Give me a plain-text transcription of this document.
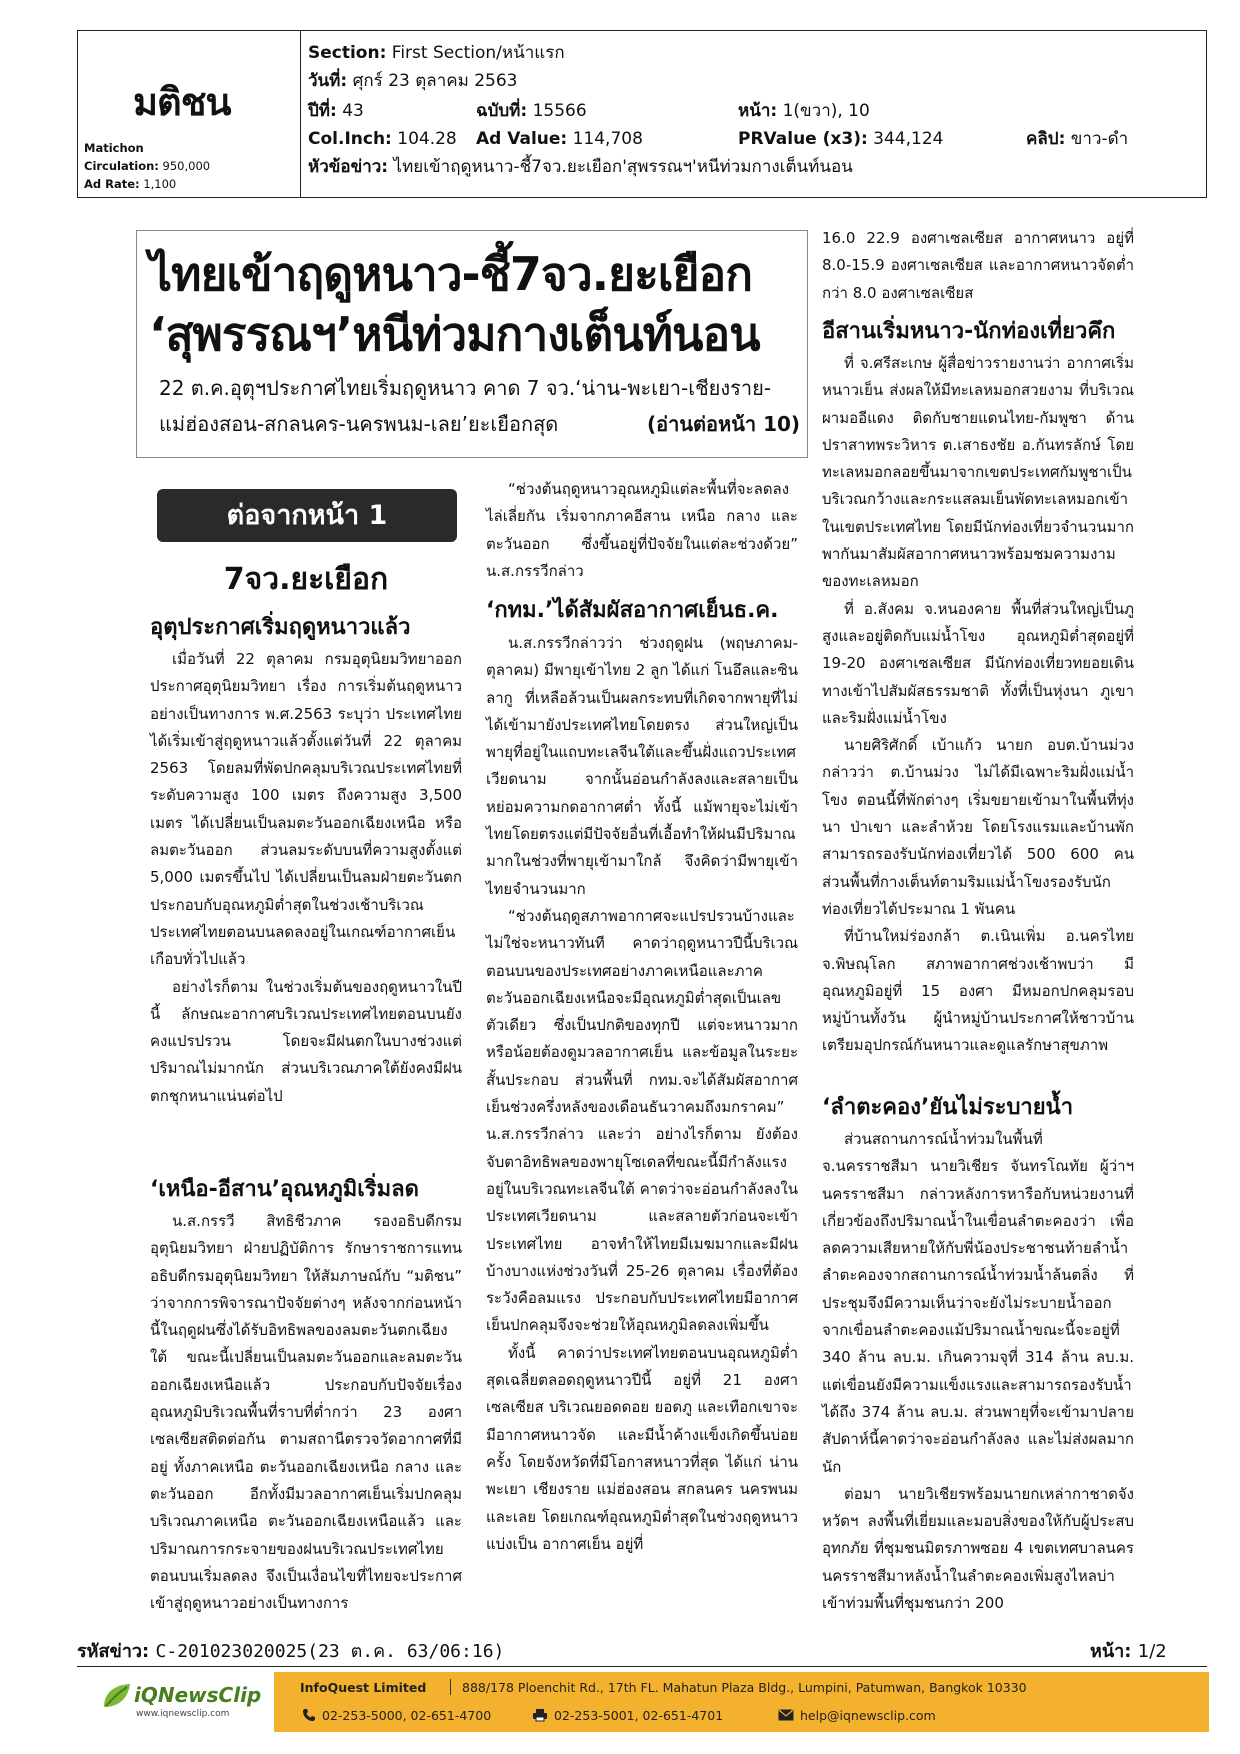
มติชน
Matichon
Circulation: 950,000
Ad Rate: 1,100
Section: First Section/หน้าแรก
วันที่: ศุกร์ 23 ตุลาคม 2563
ปีที่: 43	ฉบับที่: 15566	หน้า: 1(ขวา), 10
Col.Inch: 104.28 Ad Value: 114,708	PRValue (x3): 344,124	คลิป: ขาว-ดำ
หัวข้อข่าว: ไทยเข้าฤดูหนาว-ชี้7จว.ยะเยือก'สุพรรณฯ'หนีท่วมกางเต็นท์นอน
ไทยเข้าฤดูหนาว-ชี้7จว.ยะเยือก
‘สุพรรณฯ’หนีท่วมกางเต็นท์นอน
22 ต.ค.อุตุฯประกาศไทยเริ่มฤดูหนาว คาด 7 จว.‘น่าน-พะเยา-เชียงราย-
แม่ฮ่องสอน-สกลนคร-นครพนม-เลย’ยะเยือกสุด	(อ่านต่อหน้า 10)
ต่อจากหน้า 1
7จว.ยะเยือก
อุตุประกาศเริ่มฤดูหนาวแล้ว

เมื่อวันที่ 22 ตุลาคม กรมอุตุนิยมวิทยาออกประกาศอุตุนิยมวิทยา เรื่อง การเริ่มต้นฤดูหนาวอย่างเป็นทางการ พ.ศ.2563 ระบุว่า ประเทศไทยได้เริ่มเข้าสู่ฤดูหนาวแล้วตั้งแต่วันที่ 22 ตุลาคม 2563 โดยลมที่พัดปกคลุมบริเวณประเทศไทยที่ระดับความสูง 100 เมตร ถึงความสูง 3,500 เมตร ได้เปลี่ยนเป็นลมตะวันออกเฉียงเหนือ หรือลมตะวันออก ส่วนลมระดับบนที่ความสูงตั้งแต่ 5,000 เมตรขึ้นไป ได้เปลี่ยนเป็นลมฝ่ายตะวันตก ประกอบกับอุณหภูมิต่ำสุดในช่วงเช้าบริเวณประเทศไทยตอนบนลดลงอยู่ในเกณฑ์อากาศเย็นเกือบทั่วไปแล้ว

อย่างไรก็ตาม ในช่วงเริ่มต้นของฤดูหนาวในปีนี้ ลักษณะอากาศบริเวณประเทศไทยตอนบนยังคงแปรปรวน โดยจะมีฝนตกในบางช่วงแต่ปริมาณไม่มากนัก ส่วนบริเวณภาคใต้ยังคงมีฝนตกชุกหนาแน่นต่อไป

‘เหนือ-อีสาน’อุณหภูมิเริ่มลด

น.ส.กรรวี สิทธิชีวภาค รองอธิบดีกรมอุตุนิยมวิทยา ฝ่ายปฏิบัติการ รักษาราชการแทนอธิบดีกรมอุตุนิยมวิทยา ให้สัมภาษณ์กับ “มติชน” ว่าจากการพิจารณาปัจจัยต่างๆ หลังจากก่อนหน้านี้ในฤดูฝนซึ่งได้รับอิทธิพลของลมตะวันตกเฉียงใต้ ขณะนี้เปลี่ยนเป็นลมตะวันออกและลมตะวันออกเฉียงเหนือแล้ว ประกอบกับปัจจัยเรื่องอุณหภูมิบริเวณพื้นที่ราบที่ต่ำกว่า 23 องศาเซลเซียสติดต่อกัน ตามสถานีตรวจวัดอากาศที่มีอยู่ ทั้งภาคเหนือ ตะวันออกเฉียงเหนือ กลาง และตะวันออก อีกทั้งมีมวลอากาศเย็นเริ่มปกคลุมบริเวณภาคเหนือ ตะวันออกเฉียงเหนือแล้ว และปริมาณการกระจายของฝนบริเวณประเทศไทยตอนบนเริ่มลดลง จึงเป็นเงื่อนไขที่ไทยจะประกาศเข้าสู่ฤดูหนาวอย่างเป็นทางการ

“ช่วงต้นฤดูหนาวอุณหภูมิแต่ละพื้นที่จะลดลงไล่เลี่ยกัน เริ่มจากภาคอีสาน เหนือ กลาง และตะวันออก ซึ่งขึ้นอยู่ที่ปัจจัยในแต่ละช่วงด้วย” น.ส.กรรวีกล่าว

‘กทม.’ได้สัมผัสอากาศเย็นธ.ค.

น.ส.กรรวีกล่าวว่า ช่วงฤดูฝน (พฤษภาคม-ตุลาคม) มีพายุเข้าไทย 2 ลูก ได้แก่ โนอึลและซินลากู ที่เหลือล้วนเป็นผลกระทบที่เกิดจากพายุที่ไม่ได้เข้ามายังประเทศไทยโดยตรง ส่วนใหญ่เป็นพายุที่อยู่ในแถบทะเลจีนใต้และขึ้นฝั่งแถวประเทศเวียดนาม จากนั้นอ่อนกำลังลงและสลายเป็นหย่อมความกดอากาศต่ำ ทั้งนี้ แม้พายุจะไม่เข้าไทยโดยตรงแต่มีปัจจัยอื่นที่เอื้อทำให้ฝนมีปริมาณมากในช่วงที่พายุเข้ามาใกล้ จึงคิดว่ามีพายุเข้าไทยจำนวนมาก

“ช่วงต้นฤดูสภาพอากาศจะแปรปรวนบ้างและไม่ใช่จะหนาวทันที คาดว่าฤดูหนาวปีนี้บริเวณตอนบนของประเทศอย่างภาคเหนือและภาคตะวันออกเฉียงเหนือจะมีอุณหภูมิต่ำสุดเป็นเลขตัวเดียว ซึ่งเป็นปกติของทุกปี แต่จะหนาวมากหรือน้อยต้องดูมวลอากาศเย็น และข้อมูลในระยะสั้นประกอบ ส่วนพื้นที่ กทม.จะได้สัมผัสอากาศเย็นช่วงครึ่งหลังของเดือนธันวาคมถึงมกราคม” น.ส.กรรวีกล่าว และว่า อย่างไรก็ตาม ยังต้องจับตาอิทธิพลของพายุโซเดลที่ขณะนี้มีกำลังแรงอยู่ในบริเวณทะเลจีนใต้ คาดว่าจะอ่อนกำลังลงในประเทศเวียดนาม และสลายตัวก่อนจะเข้าประเทศไทย อาจทำให้ไทยมีเมฆมากและมีฝนบ้างบางแห่งช่วงวันที่ 25-26 ตุลาคม เรื่องที่ต้องระวังคือลมแรง ประกอบกับประเทศไทยมีอากาศเย็นปกคลุมจึงจะช่วยให้อุณหภูมิลดลงเพิ่มขึ้น

ทั้งนี้ คาดว่าประเทศไทยตอนบนอุณหภูมิต่ำสุดเฉลี่ยตลอดฤดูหนาวปีนี้ อยู่ที่ 21 องศาเซลเซียส บริเวณยอดดอย ยอดภู และเทือกเขาจะมีอากาศหนาวจัด และมีน้ำค้างแข็งเกิดขึ้นบ่อยครั้ง โดยจังหวัดที่มีโอกาสหนาวที่สุด ได้แก่ น่าน พะเยา เชียงราย แม่ฮ่องสอน สกลนคร นครพนม และเลย โดยเกณฑ์อุณหภูมิต่ำสุดในช่วงฤดูหนาว แบ่งเป็น อากาศเย็น อยู่ที่

16.0 22.9 องศาเซลเซียส อากาศหนาว อยู่ที่ 8.0-15.9 องศาเซลเซียส และอากาศหนาวจัดต่ำกว่า 8.0 องศาเซลเซียส

อีสานเริ่มหนาว-นักท่องเที่ยวคึก

ที่ จ.ศรีสะเกษ ผู้สื่อข่าวรายงานว่า อากาศเริ่มหนาวเย็น ส่งผลให้มีทะเลหมอกสวยงาม ที่บริเวณผามออีแดง ติดกับชายแดนไทย-กัมพูชา ด้านปราสาทพระวิหาร ต.เสาธงชัย อ.กันทรลักษ์ โดยทะเลหมอกลอยขึ้นมาจากเขตประเทศกัมพูชาเป็นบริเวณกว้างและกระแสลมเย็นพัดทะเลหมอกเข้าในเขตประเทศไทย โดยมีนักท่องเที่ยวจำนวนมากพากันมาสัมผัสอากาศหนาวพร้อมชมความงามของทะเลหมอก

ที่ อ.สังคม จ.หนองคาย พื้นที่ส่วนใหญ่เป็นภูสูงและอยู่ติดกับแม่น้ำโขง อุณหภูมิต่ำสุดอยู่ที่ 19-20 องศาเซลเซียส มีนักท่องเที่ยวทยอยเดินทางเข้าไปสัมผัสธรรมชาติ ทั้งที่เป็นหุ่งนา ภูเขา และริมฝั่งแม่น้ำโขง

นายศิริศักดิ์ เบ้าแก้ว นายก อบต.บ้านม่วง กล่าวว่า ต.บ้านม่วง ไม่ได้มีเฉพาะริมฝั่งแม่น้ำโขง ตอนนี้ที่พักต่างๆ เริ่มขยายเข้ามาในพื้นที่ทุ่งนา ป่าเขา และลำห้วย โดยโรงแรมและบ้านพักสามารถรองรับนักท่องเที่ยวได้ 500 600 คน ส่วนพื้นที่กางเต็นท์ตามริมแม่น้ำโขงรองรับนักท่องเที่ยวได้ประมาณ 1 พันคน

ที่บ้านใหม่ร่องกล้า ต.เนินเพิ่ม อ.นครไทย จ.พิษณุโลก สภาพอากาศช่วงเช้าพบว่า มีอุณหภูมิอยู่ที่ 15 องศา มีหมอกปกคลุมรอบหมู่บ้านทั้งวัน ผู้นำหมู่บ้านประกาศให้ชาวบ้านเตรียมอุปกรณ์กันหนาวและดูแลรักษาสุขภาพ

‘ลำตะคอง’ยันไม่ระบายน้ำ

ส่วนสถานการณ์น้ำท่วมในพื้นที่ จ.นครราชสีมา นายวิเชียร จันทรโณทัย ผู้ว่าฯนครราชสีมา กล่าวหลังการหารือกับหน่วยงานที่เกี่ยวข้องถึงปริมาณน้ำในเขื่อนลำตะคองว่า เพื่อลดความเสียหายให้กับพี่น้องประชาชนท้ายลำน้ำลำตะคองจากสถานการณ์น้ำท่วมน้ำล้นตลิ่ง ที่ประชุมจึงมีความเห็นว่าจะยังไม่ระบายน้ำออกจากเขื่อนลำตะคองแม้ปริมาณน้ำขณะนี้จะอยู่ที่ 340 ล้าน ลบ.ม. เกินความจุที่ 314 ล้าน ลบ.ม. แต่เขื่อนยังมีความแข็งแรงและสามารถรองรับน้ำได้ถึง 374 ล้าน ลบ.ม. ส่วนพายุที่จะเข้ามาปลายสัปดาห์นี้คาดว่าจะอ่อนกำลังลง และไม่ส่งผลมากนัก

ต่อมา นายวิเชียรพร้อมนายกเหล่ากาชาดจังหวัดฯ ลงพื้นที่เยี่ยมและมอบสิ่งของให้กับผู้ประสบอุทกภัย ที่ชุมชนมิตรภาพซอย 4 เขตเทศบาลนครนครราชสีมาหลังน้ำในลำตะคองเพิ่มสูงไหลบ่าเข้าท่วมพื้นที่ชุมชนกว่า 200

รหัสข่าว: C-201023020025(23 ต.ค. 63/06:16)	หน้า: 1/2
iQNewsClip
www.iqnewsclip.com
InfoQuest Limited	888/178 Ploenchit Rd., 17th FL. Mahatun Plaza Bldg., Lumpini, Patumwan, Bangkok 10330
02-253-5000, 02-651-4700	02-253-5001, 02-651-4701	help@iqnewsclip.com
